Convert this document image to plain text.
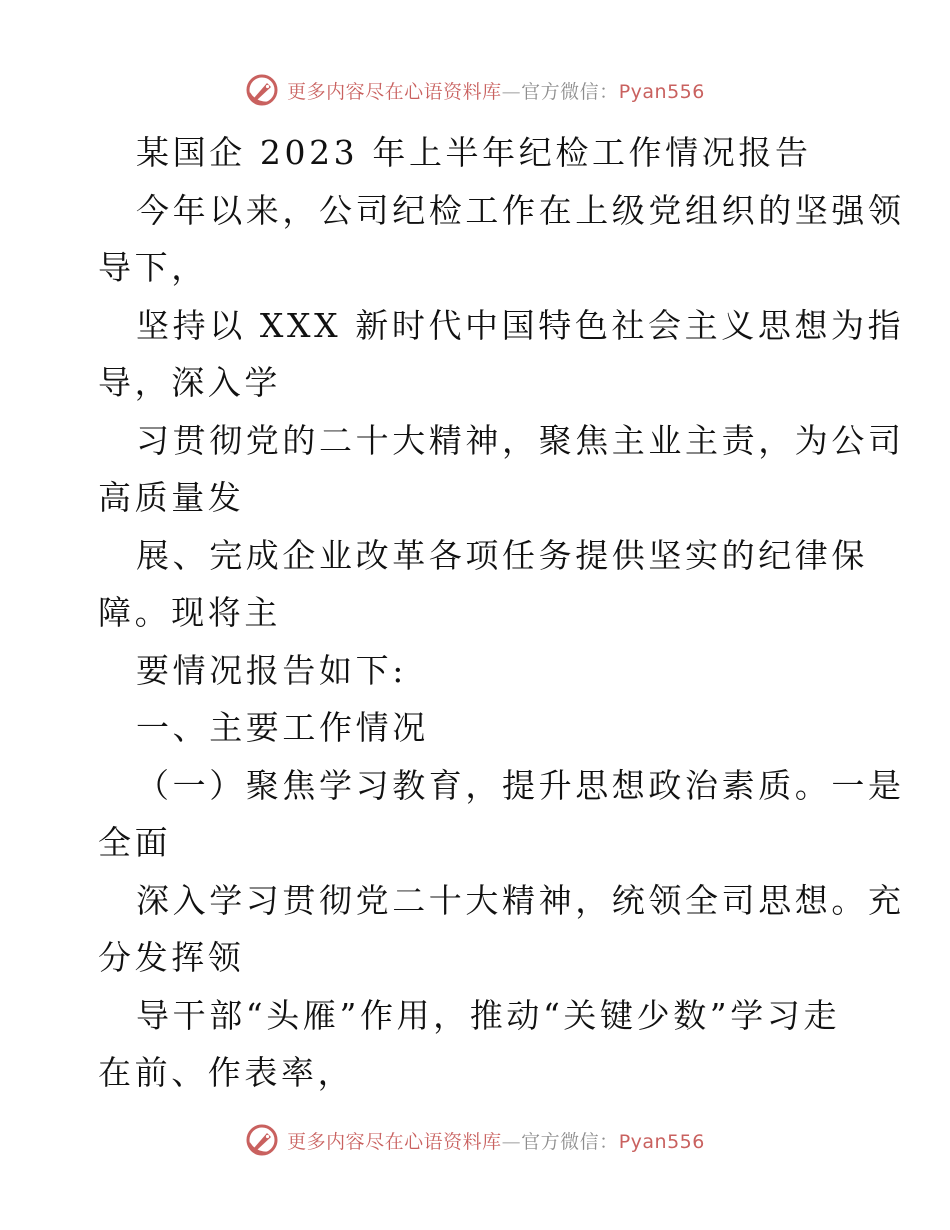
更多内容尽在心语资料库—官方微信：Pyan556
某国企 2023 年上半年纪检工作情况报告
今年以来，公司纪检工作在上级党组织的坚强领
导下，
坚持以 XXX 新时代中国特色社会主义思想为指
导，深入学
习贯彻党的二十大精神，聚焦主业主责，为公司
高质量发
展、完成企业改革各项任务提供坚实的纪律保
障。现将主
要情况报告如下:
一、主要工作情况
（一）聚焦学习教育，提升思想政治素质。一是
全面
深入学习贯彻党二十大精神，统领全司思想。充
分发挥领
导干部“头雁”作用，推动“关键少数”学习走
在前、作表率，
更多内容尽在心语资料库—官方微信：Pyan556
